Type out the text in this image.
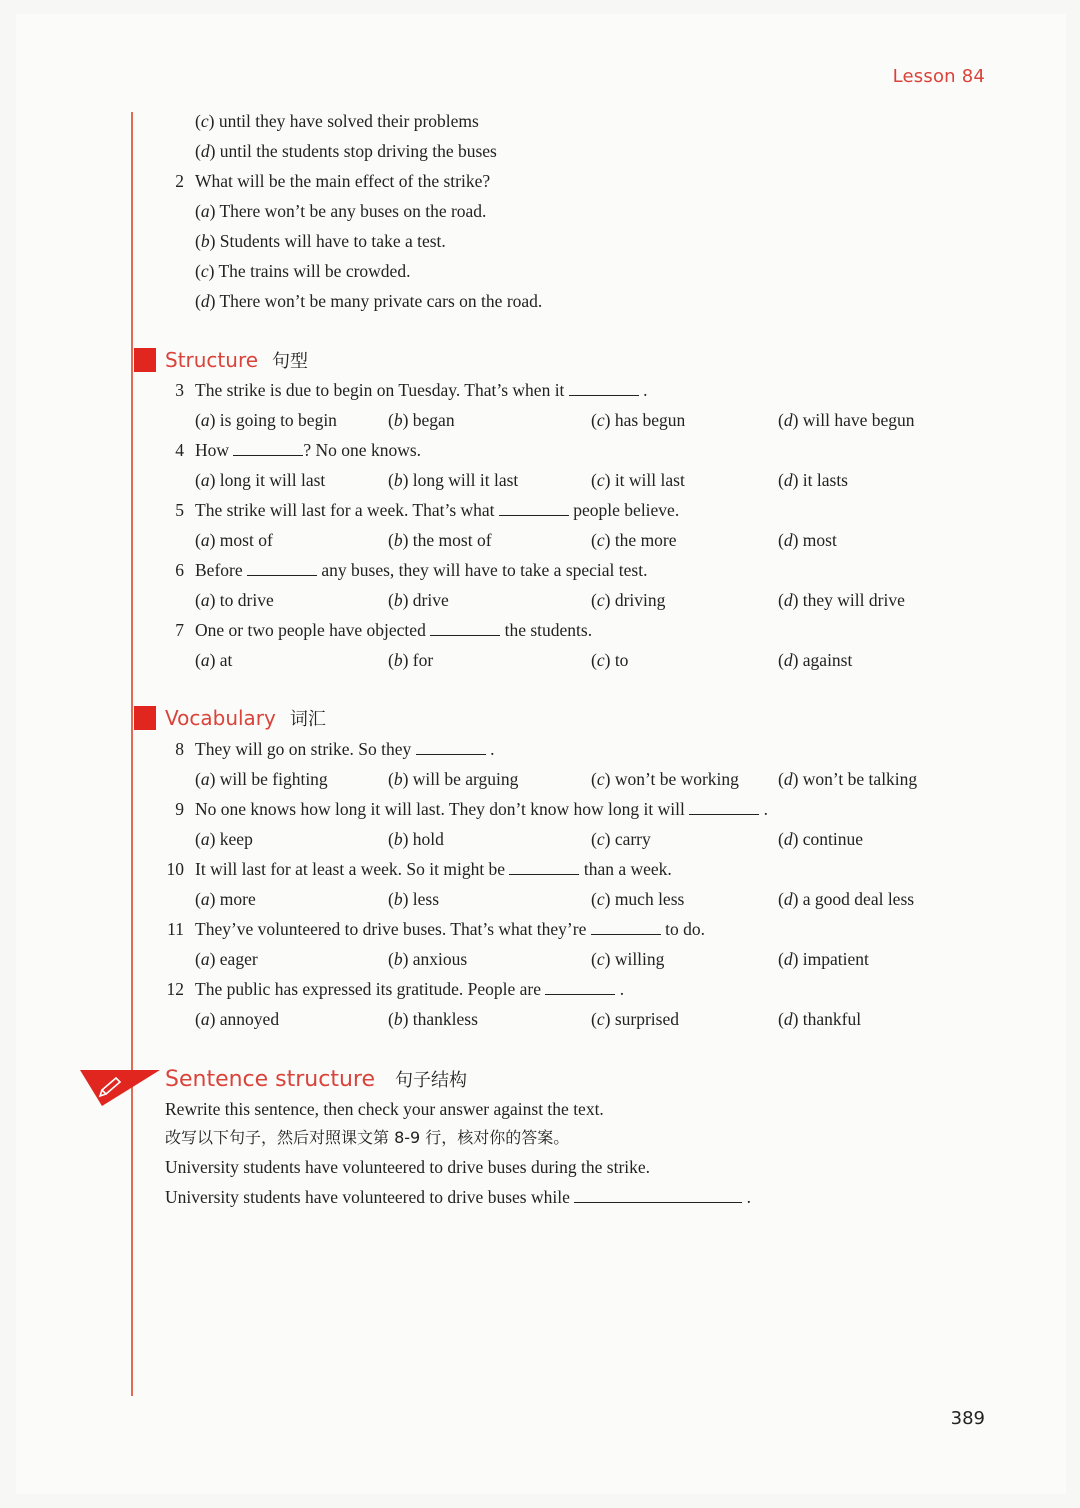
Lesson 84
(c) until they have solved their problems
(d) until the students stop driving the buses
2 What will be the main effect of the strike?
(a) There won’t be any buses on the road.
(b) Students will have to take a test.
(c) The trains will be crowded.
(d) There won’t be many private cars on the road.
Structure 句型
Vocabulary 词汇
3 The strike is due to begin on Tuesday. That’s when it	.
(a) is going to begin	(b) began	(c) has begun	(d) will have begun
4 How	? No one knows.
(a) long it will last	(b) long will it last	(c) it will last	(d) it lasts
5 The strike will last for a week. That’s what	people believe.
(a) most of	(b) the most of	(c) the more	(d) most
6 Before	any buses, they will have to take a special test.
(a) to drive	(b) drive	(c) driving	(d) they will drive
7 One or two people have objected	the students.
(a) at	(b) for	(c) to	(d) against
8 They will go on strike. So they	.
(a) will be fighting	(b) will be arguing	(c) won’t be working (d) won’t be talking
9 No one knows how long it will last. They don’t know how long it will	.
(a) keep	(b) hold	(c) carry	(d) continue
10 It will last for at least a week. So it might be	than a week.
(a) more	(b) less	(c) much less	(d) a good deal less
11 They’ve volunteered to drive buses. That’s what they’re	to do.
(a) eager	(b) anxious	(c) willing	(d) impatient
12 The public has expressed its gratitude. People are	.
(a) annoyed	(b) thankless	(c) surprised	(d) thankful
Sentence structure 句子结构
Rewrite this sentence, then check your answer against the text.
改写以下句子，然后对照课文第 8-9 行，核对你的答案。
University students have volunteered to drive buses during the strike.
University students have volunteered to drive buses while	.
389
